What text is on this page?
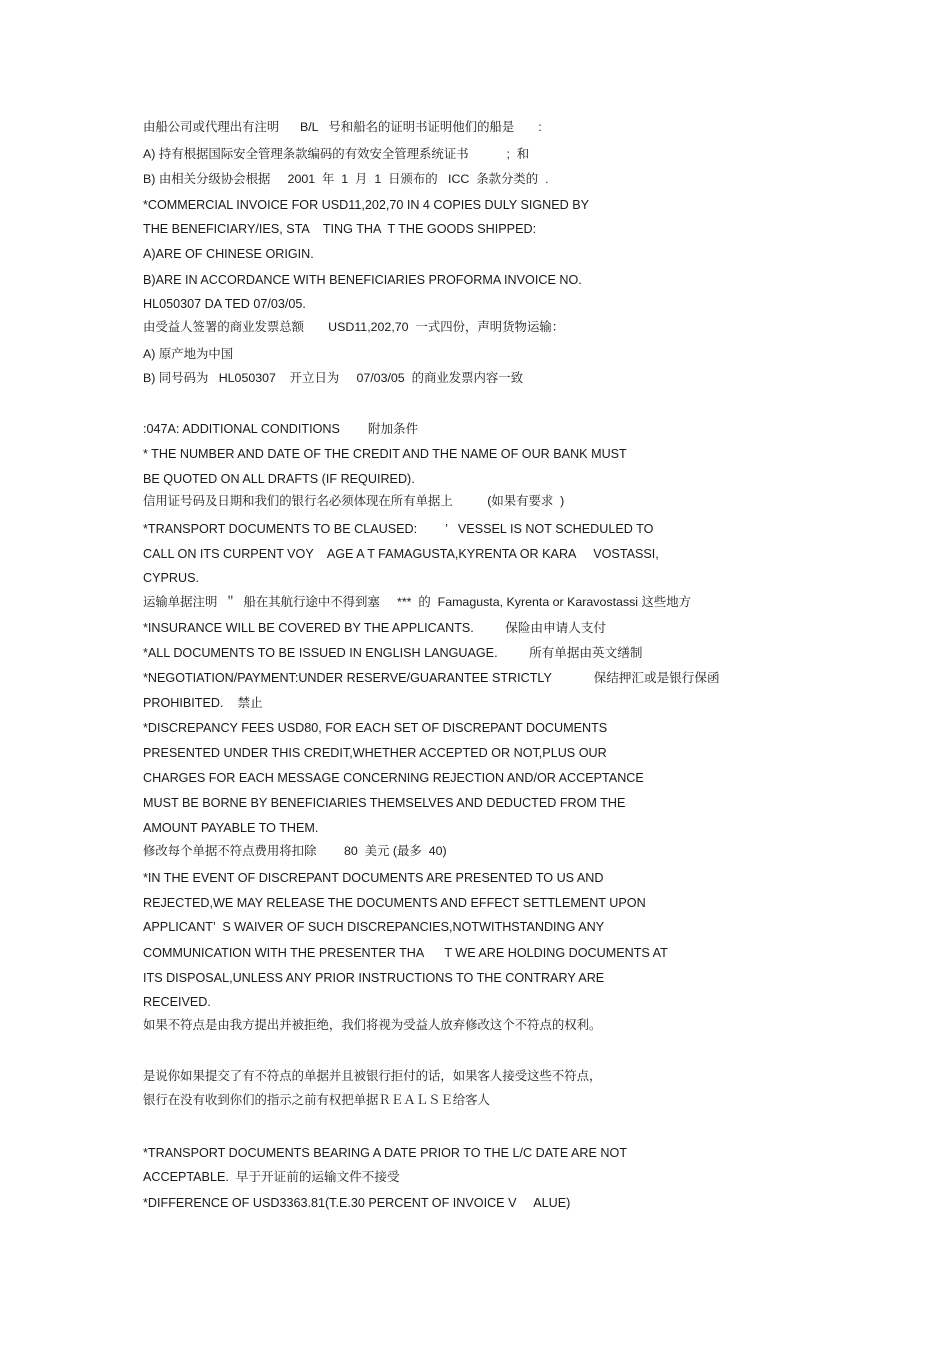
由船公司或代理出有注明      B/L   号和船名的证明书证明他们的船是       :
A) 持有根据国际安全管理条款编码的有效安全管理系统证书           ;  和
B) 由相关分级协会根据     2001  年  1  月  1  日颁布的   ICC  条款分类的  .
*COMMERCIAL INVOICE FOR USD11,202,70 IN 4 COPIES DULY SIGNED BY
THE BENEFICIARY/IES, STA    TING THA  T THE GOODS SHIPPED:
A)ARE OF CHINESE ORIGIN.
B)ARE IN ACCORDANCE WITH BENEFICIARIES PROFORMA INVOICE NO.
HL050307 DA TED 07/03/05.
由受益人签署的商业发票总额       USD11,202,70  一式四份，声明货物运输：
A) 原产地为中国
B) 同号码为   HL050307    开立日为     07/03/05  的商业发票内容一致
:047A: ADDITIONAL CONDITIONS        附加条件
* THE NUMBER AND DATE OF THE CREDIT AND THE NAME OF OUR BANK MUST
BE QUOTED ON ALL DRAFTS (IF REQUIRED).
信用证号码及日期和我们的银行名必须体现在所有单据上          (如果有要求  )
*TRANSPORT DOCUMENTS TO BE CLAUSED:        ’   VESSEL IS NOT SCHEDULED TO
CALL ON ITS CURPENT VOY    AGE A T FAMAGUSTA,KYRENTA OR KARA     VOSTASSI,
CYPRUS.
运输单据注明  ＂  船在其航行途中不得到塞     ***  的  Famagusta, Kyrenta or Karavostassi 这些地方
*INSURANCE WILL BE COVERED BY THE APPLICANTS.         保险由申请人支付
*ALL DOCUMENTS TO BE ISSUED IN ENGLISH LANGUAGE.         所有单据由英文缮制
*NEGOTIATION/PAYMENT:UNDER RESERVE/GUARANTEE STRICTLY            保结押汇或是银行保函
PROHIBITED.    禁止
*DISCREPANCY FEES USD80, FOR EACH SET OF DISCREPANT DOCUMENTS
PRESENTED UNDER THIS CREDIT,WHETHER ACCEPTED OR NOT,PLUS OUR
CHARGES FOR EACH MESSAGE CONCERNING REJECTION AND/OR ACCEPTANCE
MUST BE BORNE BY BENEFICIARIES THEMSELVES AND DEDUCTED FROM THE
AMOUNT PAYABLE TO THEM.
修改每个单据不符点费用将扣除        80  美元 (最多  40)
*IN THE EVENT OF DISCREPANT DOCUMENTS ARE PRESENTED TO US AND
REJECTED,WE MAY RELEASE THE DOCUMENTS AND EFFECT SETTLEMENT UPON
APPLICANT’  S WAIVER OF SUCH DISCREPANCIES,NOTWITHSTANDING ANY
COMMUNICATION WITH THE PRESENTER THA      T WE ARE HOLDING DOCUMENTS AT
ITS DISPOSAL,UNLESS ANY PRIOR INSTRUCTIONS TO THE CONTRARY ARE
RECEIVED.
如果不符点是由我方提出并被拒绝，我们将视为受益人放弃修改这个不符点的权利。
是说你如果提交了有不符点的单据并且被银行拒付的话，如果客人接受这些不符点，
银行在没有收到你们的指示之前有权把单据ＲＥＡＬＳＥ给客人
*TRANSPORT DOCUMENTS BEARING A DATE PRIOR TO THE L/C DATE ARE NOT
ACCEPTABLE.  早于开证前的运输文件不接受
*DIFFERENCE OF USD3363.81(T.E.30 PERCENT OF INVOICE V     ALUE)
